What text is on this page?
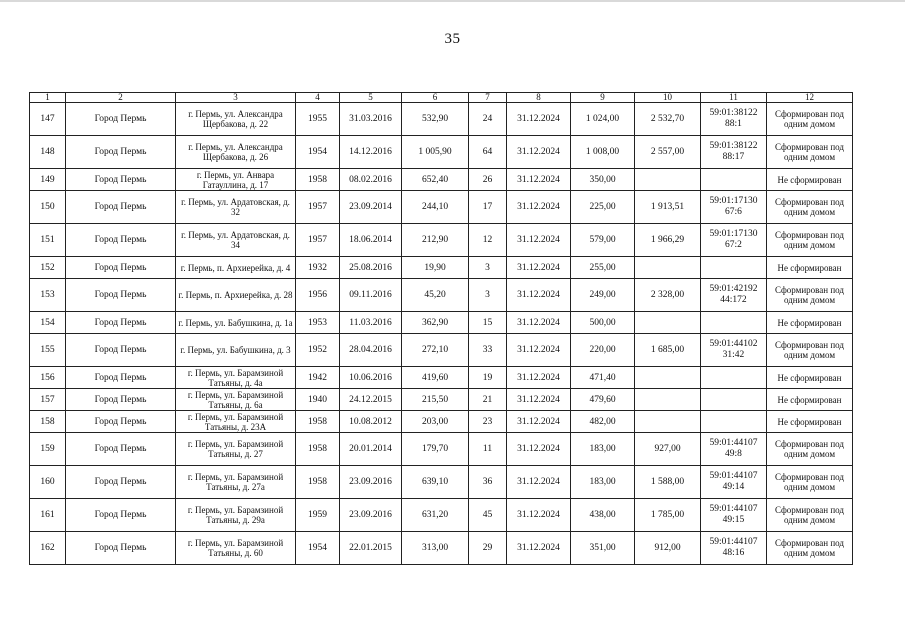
35
1	2	3	4	5	6	7	8	9	10	11	12
147	Город Пермь	г. Пермь, ул. Александра Щербакова, д. 22	1955	31.03.2016	532,90	24	31.12.2024	1 024,00	2 532,70	59:01:38122 88:1	Сформирован под одним домом
148	Город Пермь	г. Пермь, ул. Александра Щербакова, д. 26	1954	14.12.2016	1 005,90	64	31.12.2024	1 008,00	2 557,00	59:01:38122 88:17	Сформирован под одним домом
149	Город Пермь	г. Пермь, ул. Анвара Гатауллина, д. 17	1958	08.02.2016	652,40	26	31.12.2024	350,00			Не сформирован
150	Город Пермь	г. Пермь, ул. Ардатовская, д. 32	1957	23.09.2014	244,10	17	31.12.2024	225,00	1 913,51	59:01:17130 67:6	Сформирован под одним домом
151	Город Пермь	г. Пермь, ул. Ардатовская, д. 34	1957	18.06.2014	212,90	12	31.12.2024	579,00	1 966,29	59:01:17130 67:2	Сформирован под одним домом
152	Город Пермь	г. Пермь, п. Архиерейка, д. 4	1932	25.08.2016	19,90	3	31.12.2024	255,00			Не сформирован
153	Город Пермь	г. Пермь, п. Архиерейка, д. 28	1956	09.11.2016	45,20	3	31.12.2024	249,00	2 328,00	59:01:42192 44:172	Сформирован под одним домом
154	Город Пермь	г. Пермь, ул. Бабушкина, д. 1а	1953	11.03.2016	362,90	15	31.12.2024	500,00			Не сформирован
155	Город Пермь	г. Пермь, ул. Бабушкина, д. 3	1952	28.04.2016	272,10	33	31.12.2024	220,00	1 685,00	59:01:44102 31:42	Сформирован под одним домом
156	Город Пермь	г. Пермь, ул. Барамзиной Татьяны, д. 4а	1942	10.06.2016	419,60	19	31.12.2024	471,40			Не сформирован
157	Город Пермь	г. Пермь, ул. Барамзиной Татьяны, д. 6а	1940	24.12.2015	215,50	21	31.12.2024	479,60			Не сформирован
158	Город Пермь	г. Пермь, ул. Барамзиной Татьяны, д. 23А	1958	10.08.2012	203,00	23	31.12.2024	482,00			Не сформирован
159	Город Пермь	г. Пермь, ул. Барамзиной Татьяны, д. 27	1958	20.01.2014	179,70	11	31.12.2024	183,00	927,00	59:01:44107 49:8	Сформирован под одним домом
160	Город Пермь	г. Пермь, ул. Барамзиной Татьяны, д. 27а	1958	23.09.2016	639,10	36	31.12.2024	183,00	1 588,00	59:01:44107 49:14	Сформирован под одним домом
161	Город Пермь	г. Пермь, ул. Барамзиной Татьяны, д. 29а	1959	23.09.2016	631,20	45	31.12.2024	438,00	1 785,00	59:01:44107 49:15	Сформирован под одним домом
162	Город Пермь	г. Пермь, ул. Барамзиной Татьяны, д. 60	1954	22.01.2015	313,00	29	31.12.2024	351,00	912,00	59:01:44107 48:16	Сформирован под одним домом
